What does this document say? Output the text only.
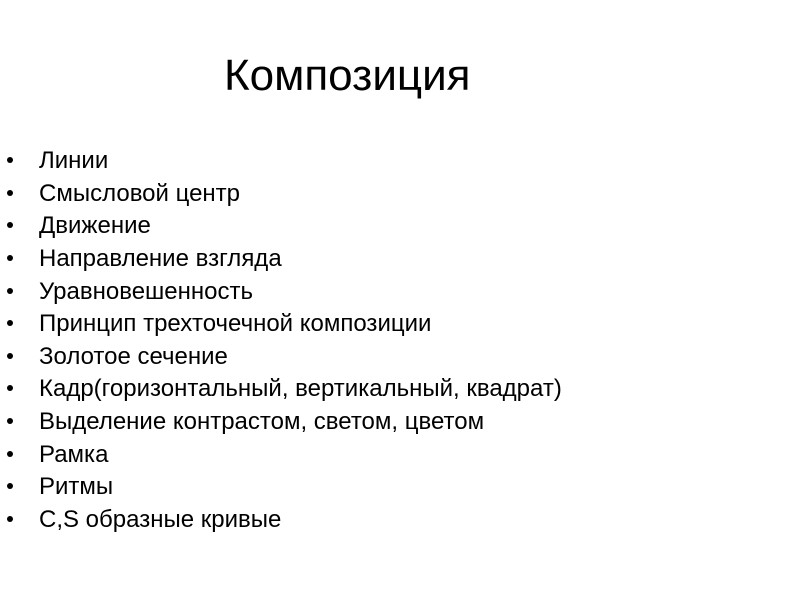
Композиция
Линии
Смысловой центр
Движение
Направление взгляда
Уравновешенность
Принцип трехточечной композиции
Золотое сечение
Кадр(горизонтальный, вертикальный, квадрат)
Выделение контрастом, светом, цветом
Рамка
Ритмы
C,S образные кривые
